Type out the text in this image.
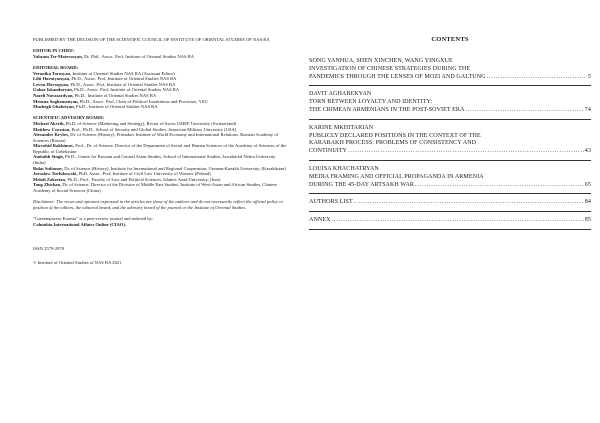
PUBLISHED BY THE DECISION OF THE SCIENTIFIC COUNCIL OF INSTITUTE OF ORIENTAL STUDIES OF NAS RA
EDITOR IN CHIEF:
Vahram Ter-Matevosyan, Dr. Phil., Assoc. Prof, Institute of Oriental Studies NAS RA
EDITORIAL BOARD:
Veronika Torosyan, Institute of Oriental Studies NAS RA (Assistant Editor)
Lilit Harutyunyan, Ph.D., Assoc. Prof, Institute of Oriental Studies NAS RA
Levon Hovsepyan, Ph.D., Assoc. Prof, Institute of Oriental Studies NAS RA
Gohar Iskandaryan, Ph.D., Assoc. Prof, Institute of Oriental Studies NAS RA
Nazeli Navasardyan, Ph.D., Institute of Oriental Studies NAS RA
Mensua Soghomonyan, Ph.D., Assoc. Prof, Chair of Political Institutions and Processes, YSU
Mushegh Ghahriyan, Ph.D., Institute of Oriental Studies NAS RA
SCIENTIFIC ADVISORY BOARD:
Michael Akerib, Ph.D. of Science (Marketing and Strategy), Rector of Swiss UMEF University (Switzerland)
Matthew Crosston, Prof., Ph.D., School of Security and Global Studies, American Military University (USA)
Alexander Krylov, Dr. of Science (History), Primakov Institute of World Economy and International Relations, Russian Academy of Sciences (Russia)
Mirvohid Rakhimov, Prof., Dr. of Science, Director of the Department of Social and Human Sciences of the Academy of Sciences of the Republic of Uzbekistan
Amitabh Singh, Ph.D., Centre for Russian and Central Asian Studies, School of International Studies, Jawaharlal Nehru University (India)
Bulat Sultanov, Dr. of Science (History), Institute for International and Regional Cooperation, German-Kazakh University, (Kazakhstan)
Jaroslaw Turlukowski, PhD, Assoc. Prof, Institute of Civil Law University of Warsaw (Poland)
Mehdi Zakerian, Ph.D., Prof., Faculty of Law and Political Sciences, Islamic Azad University, (Iran)
Tang Zhichao, Dr. of Science, Director of the Division of Middle East Studies, Institute of West-Asian and African Studies, Chinese Academy of Social Sciences (China)
Disclaimer: The views and opinions expressed in the articles are those of the authors and do not necessarily reflect the official policy or position of the editors, the editorial board, and the advisory board of the journal or the Institute of Oriental Studies.
"Contemporary Eurasia" is a peer-review journal and indexed by:
Columbia International Affairs Online (CIAO).
ISSN 2579-2970
© Institute of Oriental Studies of NAS RA 2021
CONTENTS
SONG YANHUA, SHEN XINCHEN, WANG YINGXUE
INVESTIGATION OF CHINESE STRATEGIES DURING THE
PANDEMICS THROUGH THE LENSES OF MOZI AND GALTUNG .....	5
DAVIT AGHABEKYAN
TORN BETWEEN LOYALTY AND IDENTITY:
THE CRIMEAN ARMENIANS IN THE POST-SOVIET ERA .....	74
KARINE MKHITARIAN
PUBLICLY DECLARED POSITIONS IN THE CONTEXT OF THE
KARABAKH PROCESS: PROBLEMS OF CONSISTENCY AND
CONTINUITY .....	43
LOUISA KHACHATRYAN
MEDIA FRAMING AND OFFICIAL PROPAGANDA IN ARMENIA
DURING THE 45-DAY ARTSAKH WAR .....	65
AUTHORS LIST .....	84
ANNEX .....	85
